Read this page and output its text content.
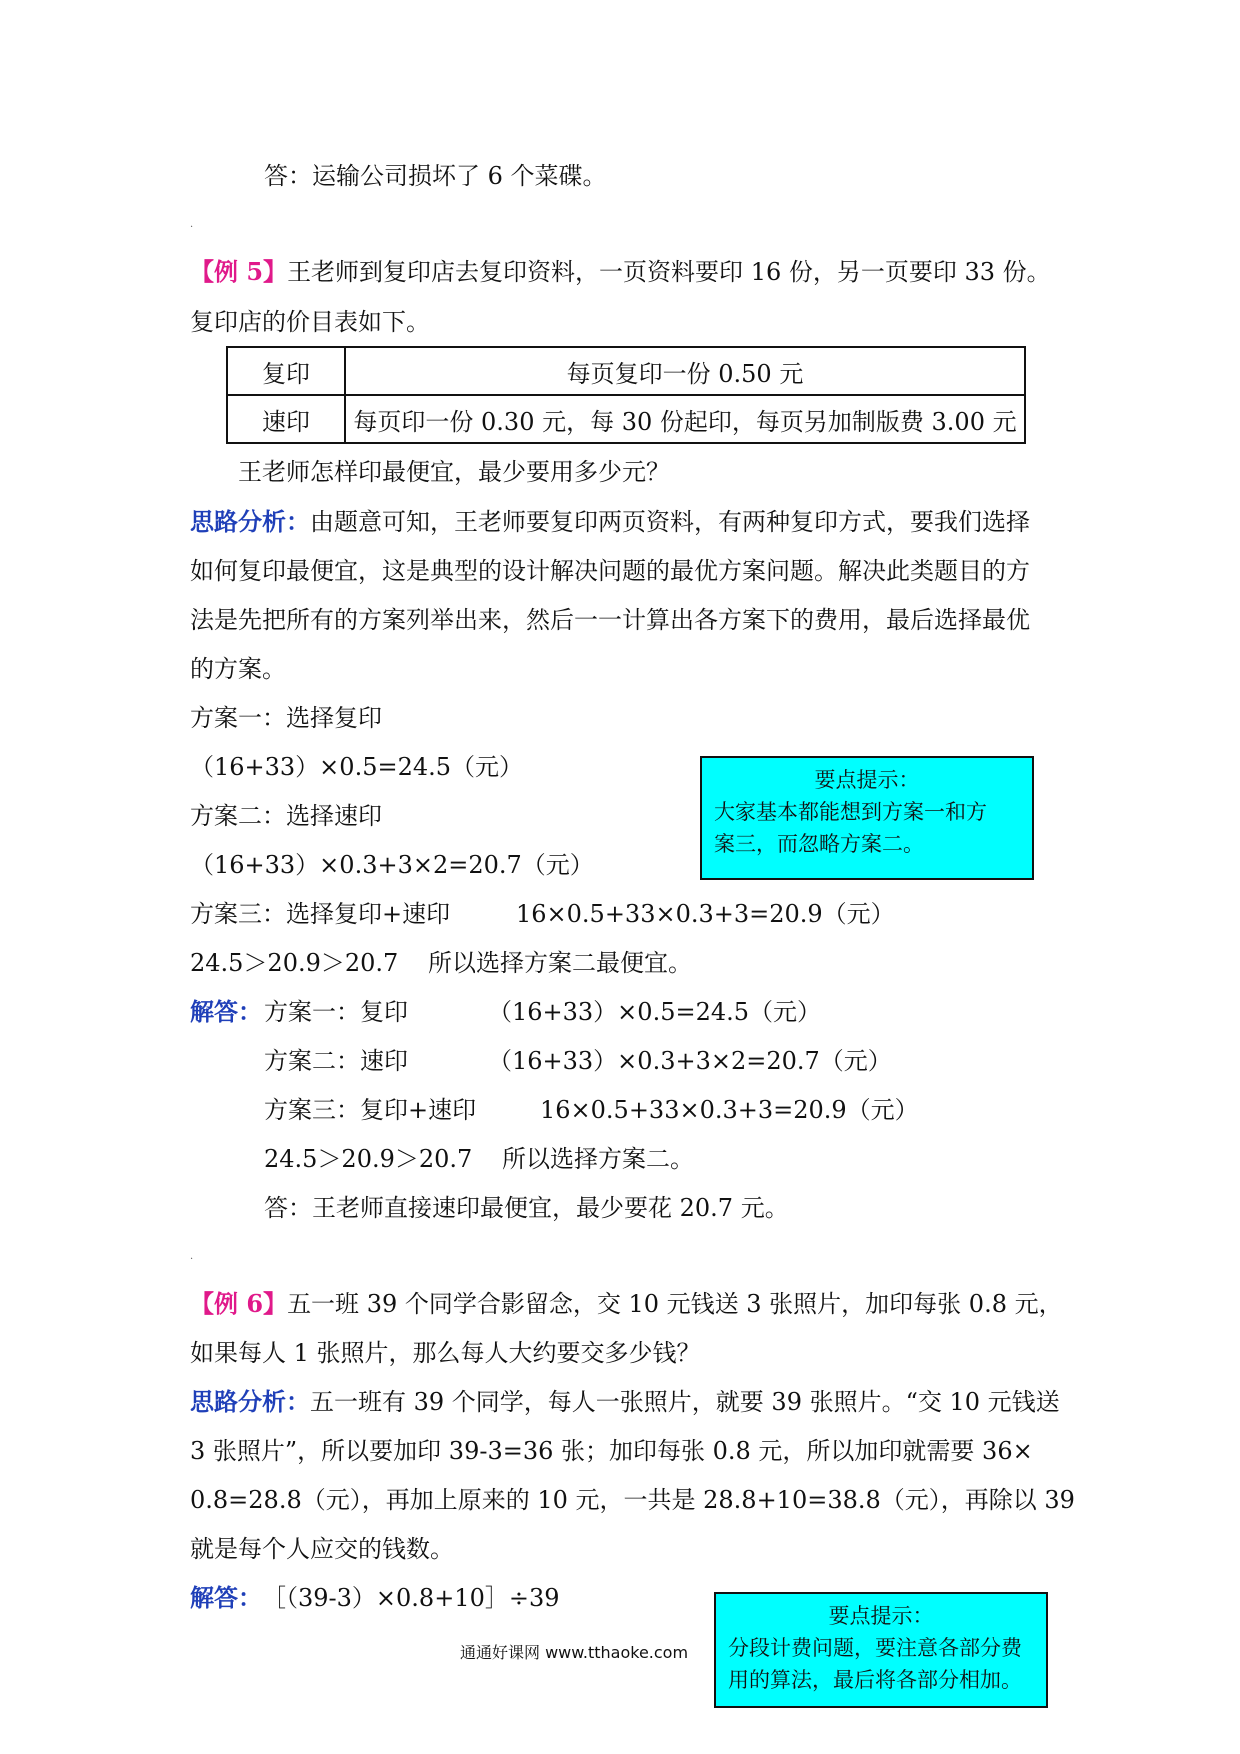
答：运输公司损坏了 6 个菜碟。
·
【例 5】王老师到复印店去复印资料，一页资料要印 16 份，另一页要印 33 份。
复印店的价目表如下。
复印	每页复印一份 0.50 元
速印	每页印一份 0.30 元，每 30 份起印，每页另加制版费 3.00 元
王老师怎样印最便宜，最少要用多少元？
思路分析：由题意可知，王老师要复印两页资料，有两种复印方式，要我们选择
如何复印最便宜，这是典型的设计解决问题的最优方案问题。解决此类题目的方
法是先把所有的方案列举出来，然后一一计算出各方案下的费用，最后选择最优
的方案。
方案一：选择复印
（16+33）×0.5=24.5（元）
方案二：选择速印
（16+33）×0.3+3×2=20.7（元）
方案三：选择复印+速印	16×0.5+33×0.3+3=20.9（元）
24.5＞20.9＞20.7 所以选择方案二最便宜。
要点提示：
大家基本都能想到方案一和方
案三，而忽略方案二。
解答： 方案一：复印	（16+33）×0.5=24.5（元）
方案二：速印	（16+33）×0.3+3×2=20.7（元）
方案三：复印+速印	16×0.5+33×0.3+3=20.9（元）
24.5＞20.9＞20.7 所以选择方案二。
答：王老师直接速印最便宜，最少要花 20.7 元。
·
【例 6】五一班 39 个同学合影留念，交 10 元钱送 3 张照片，加印每张 0.8 元，
如果每人 1 张照片，那么每人大约要交多少钱？
思路分析：五一班有 39 个同学，每人一张照片，就要 39 张照片。“交 10 元钱送
3 张照片”，所以要加印 39-3=36 张；加印每张 0.8 元，所以加印就需要 36×
0.8=28.8（元），再加上原来的 10 元，一共是 28.8+10=38.8（元），再除以 39
就是每个人应交的钱数。
解答： ［（39-3）×0.8+10］÷39
要点提示：
分段计费问题，要注意各部分费
用的算法，最后将各部分相加。
通通好课网 www.tthaoke.com
